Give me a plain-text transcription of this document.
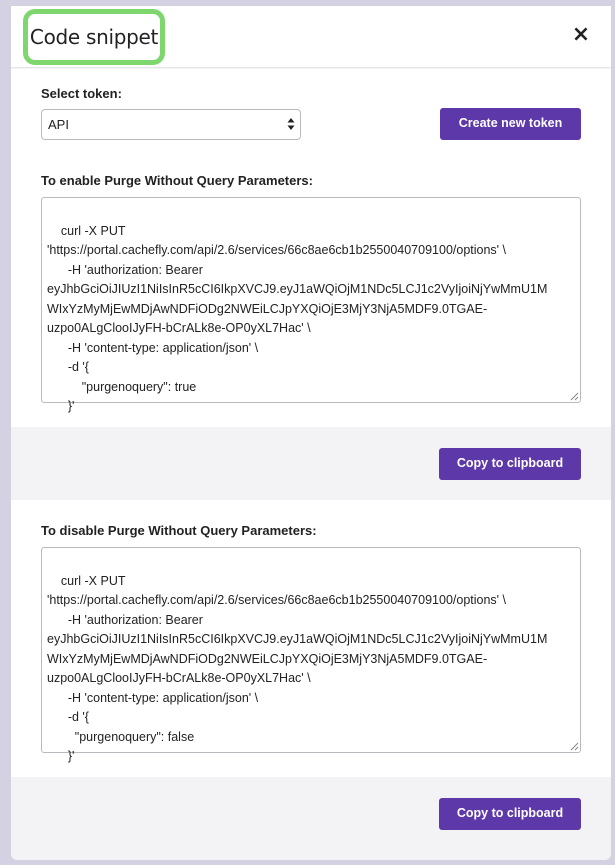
Code snippet	×
Select token:
API	Create new token
To enable Purge Without Query Parameters:

curl -X PUT
'https://portal.cachefly.com/api/2.6/services/66c8ae6cb1b2550040709100/options' \
-H 'authorization: Bearer
eyJhbGciOiJIUzI1NiIsInR5cCI6IkpXVCJ9.eyJ1aWQiOjM1NDc5LCJ1c2VyIjoiNjYwMmU1M
WIxYzMyMjEwMDjAwNDFiODg2NWEiLCJpYXQiOjE3MjY3NjA5MDF9.0TGAE-
uzpo0ALgClooIJyFH-bCrALk8e-OP0yXL7Hac' \
-H 'content-type: application/json' \
-d '{
"purgenoquery": true
}'

Copy to clipboard
To disable Purge Without Query Parameters:

curl -X PUT
'https://portal.cachefly.com/api/2.6/services/66c8ae6cb1b2550040709100/options' \
-H 'authorization: Bearer
eyJhbGciOiJIUzI1NiIsInR5cCI6IkpXVCJ9.eyJ1aWQiOjM1NDc5LCJ1c2VyIjoiNjYwMmU1M
WIxYzMyMjEwMDjAwNDFiODg2NWEiLCJpYXQiOjE3MjY3NjA5MDF9.0TGAE-
uzpo0ALgClooIJyFH-bCrALk8e-OP0yXL7Hac' \
-H 'content-type: application/json' \
-d '{
"purgenoquery": false
}'

Copy to clipboard
